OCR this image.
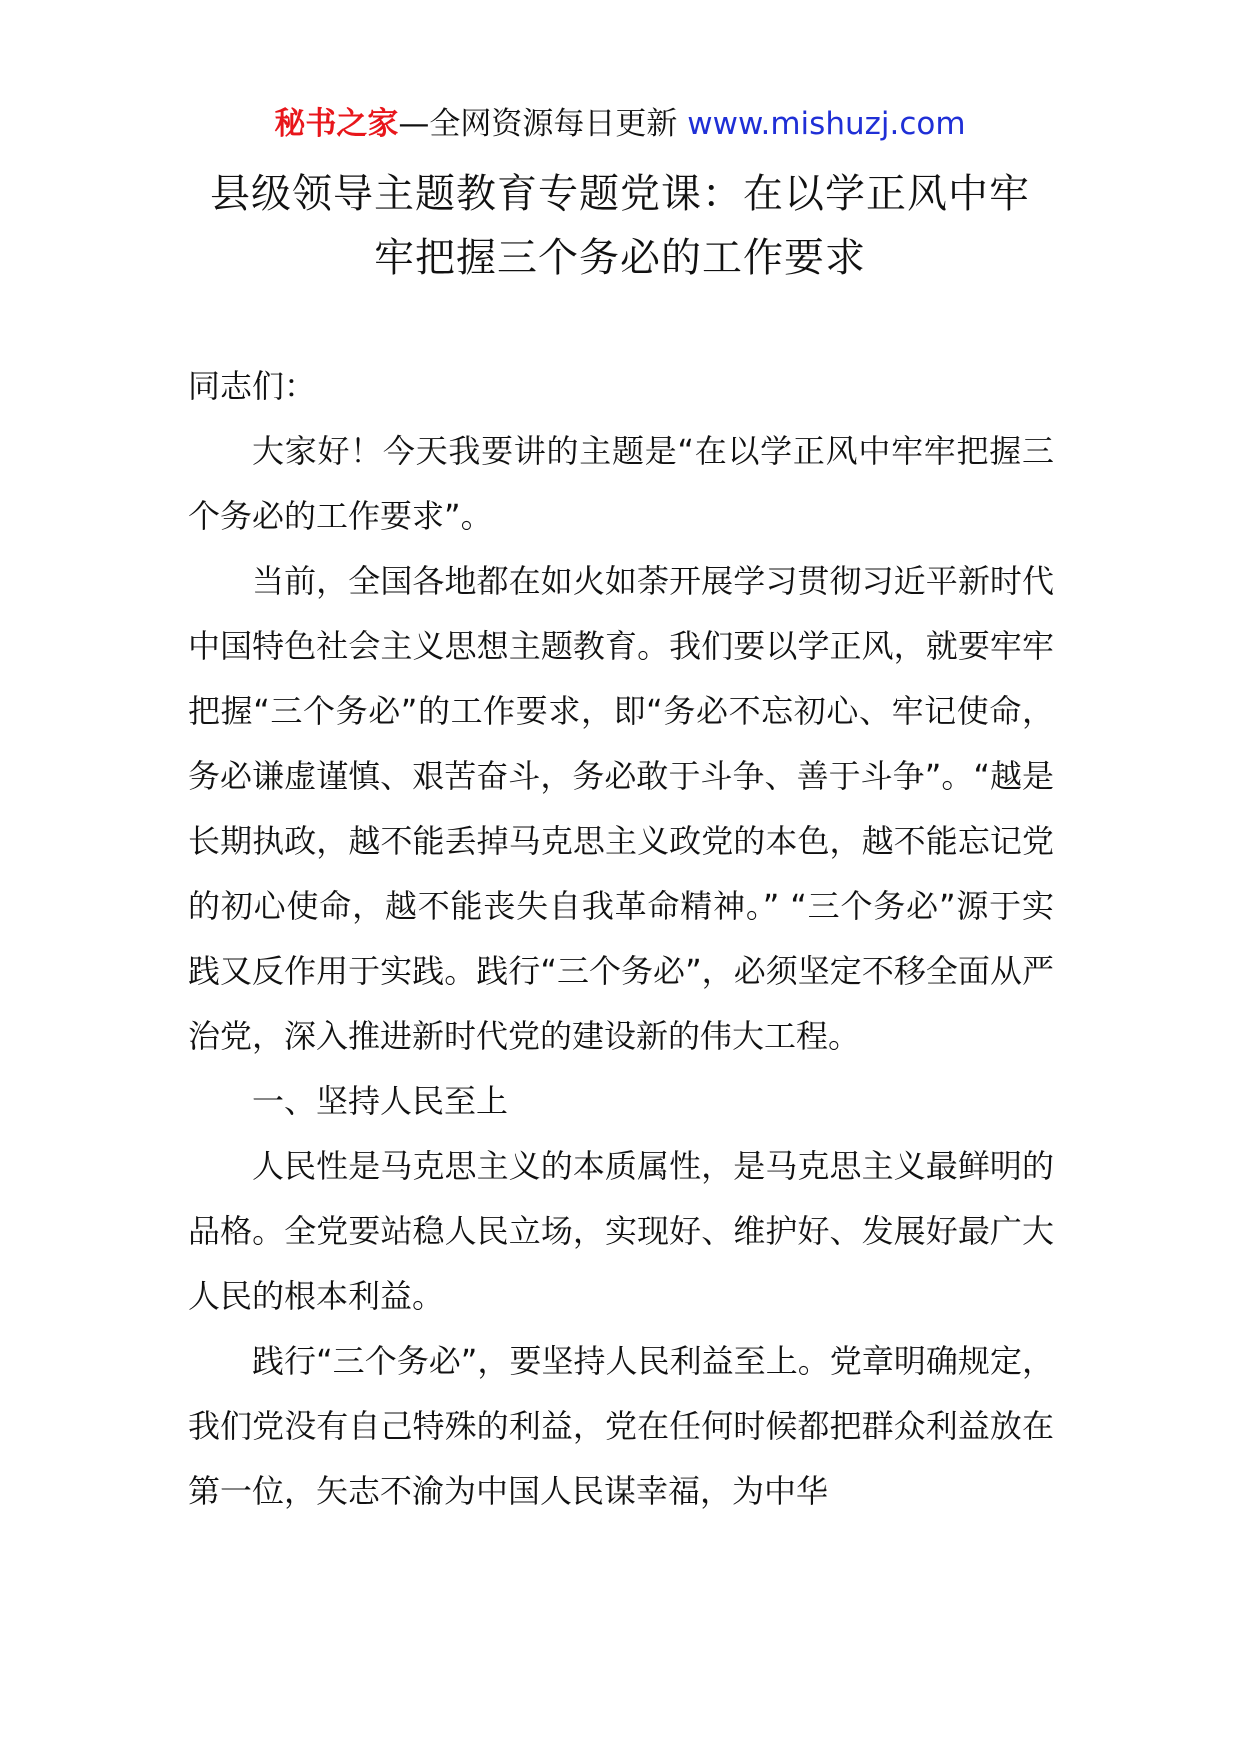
秘书之家—全网资源每日更新 www.mishuzj.com
县级领导主题教育专题党课：在以学正风中牢
牢把握三个务必的工作要求

同志们：

大家好！今天我要讲的主题是“在以学正风中牢牢把握三个务必的工作要求”。

当前，全国各地都在如火如荼开展学习贯彻习近平新时代中国特色社会主义思想主题教育。我们要以学正风，就要牢牢把握“三个务必”的工作要求，即“务必不忘初心、牢记使命，务必谦虚谨慎、艰苦奋斗，务必敢于斗争、善于斗争”。“越是长期执政，越不能丢掉马克思主义政党的本色，越不能忘记党的初心使命，越不能丧失自我革命精神。” “三个务必”源于实践又反作用于实践。践行“三个务必”，必须坚定不移全面从严治党，深入推进新时代党的建设新的伟大工程。

一、坚持人民至上

人民性是马克思主义的本质属性，是马克思主义最鲜明的品格。全党要站稳人民立场，实现好、维护好、发展好最广大人民的根本利益。

践行“三个务必”，要坚持人民利益至上。党章明确规定，我们党没有自己特殊的利益，党在任何时候都把群众利益放在第一位，矢志不渝为中国人民谋幸福，为中华
